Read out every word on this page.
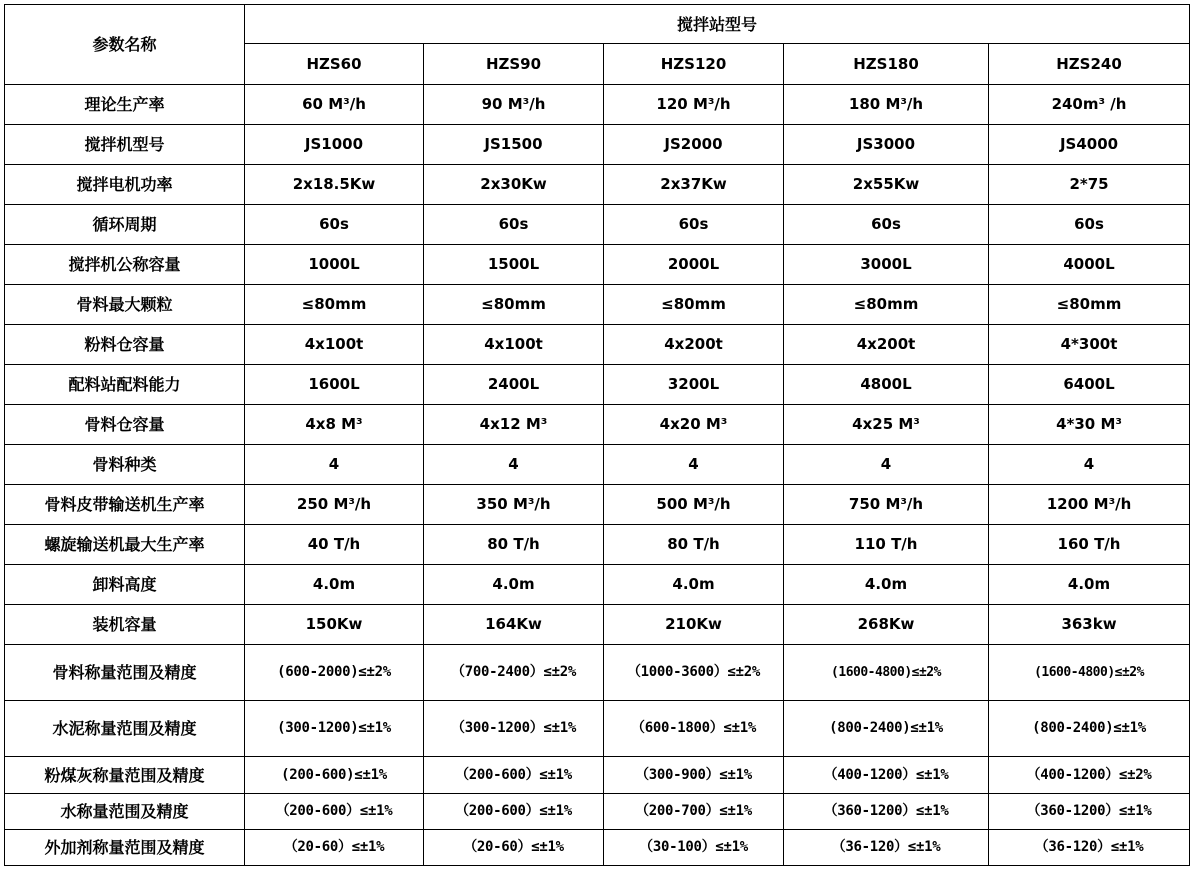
参数名称	搅拌站型号				
	HZS60	HZS90	HZS120	HZS180	HZS240
理论生产率	60 M³/h	90 M³/h	120 M³/h	180 M³/h	240m³ /h
搅拌机型号	JS1000	JS1500	JS2000	JS3000	JS4000
搅拌电机功率	2x18.5Kw	2x30Kw	2x37Kw	2x55Kw	2*75
循环周期	60s	60s	60s	60s	60s
搅拌机公称容量	1000L	1500L	2000L	3000L	4000L
骨料最大颗粒	≤80mm	≤80mm	≤80mm	≤80mm	≤80mm
粉料仓容量	4x100t	4x100t	4x200t	4x200t	4*300t
配料站配料能力	1600L	2400L	3200L	4800L	6400L
骨料仓容量	4x8 M³	4x12 M³	4x20 M³	4x25 M³	4*30 M³
骨料种类	4	4	4	4	4
骨料皮带输送机生产率	250 M³/h	350 M³/h	500 M³/h	750 M³/h	1200 M³/h
螺旋输送机最大生产率	40 T/h	80 T/h	80 T/h	110 T/h	160 T/h
卸料高度	4.0m	4.0m	4.0m	4.0m	4.0m
装机容量	150Kw	164Kw	210Kw	268Kw	363kw
骨料称量范围及精度	(600-2000)≤±2%	（700-2400）≤±2%	（1000-3600）≤±2%	(1600-4800)≤±2%	(1600-4800)≤±2%
水泥称量范围及精度	(300-1200)≤±1%	（300-1200）≤±1%	（600-1800）≤±1%	(800-2400)≤±1%	(800-2400)≤±1%
粉煤灰称量范围及精度	(200-600)≤±1%	（200-600）≤±1%	（300-900）≤±1%	（400-1200）≤±1%	（400-1200）≤±2%
水称量范围及精度	（200-600）≤±1%	（200-600）≤±1%	（200-700）≤±1%	（360-1200）≤±1%	（360-1200）≤±1%
外加剂称量范围及精度	（20-60）≤±1%	（20-60）≤±1%	（30-100）≤±1%	（36-120）≤±1%	（36-120）≤±1%
